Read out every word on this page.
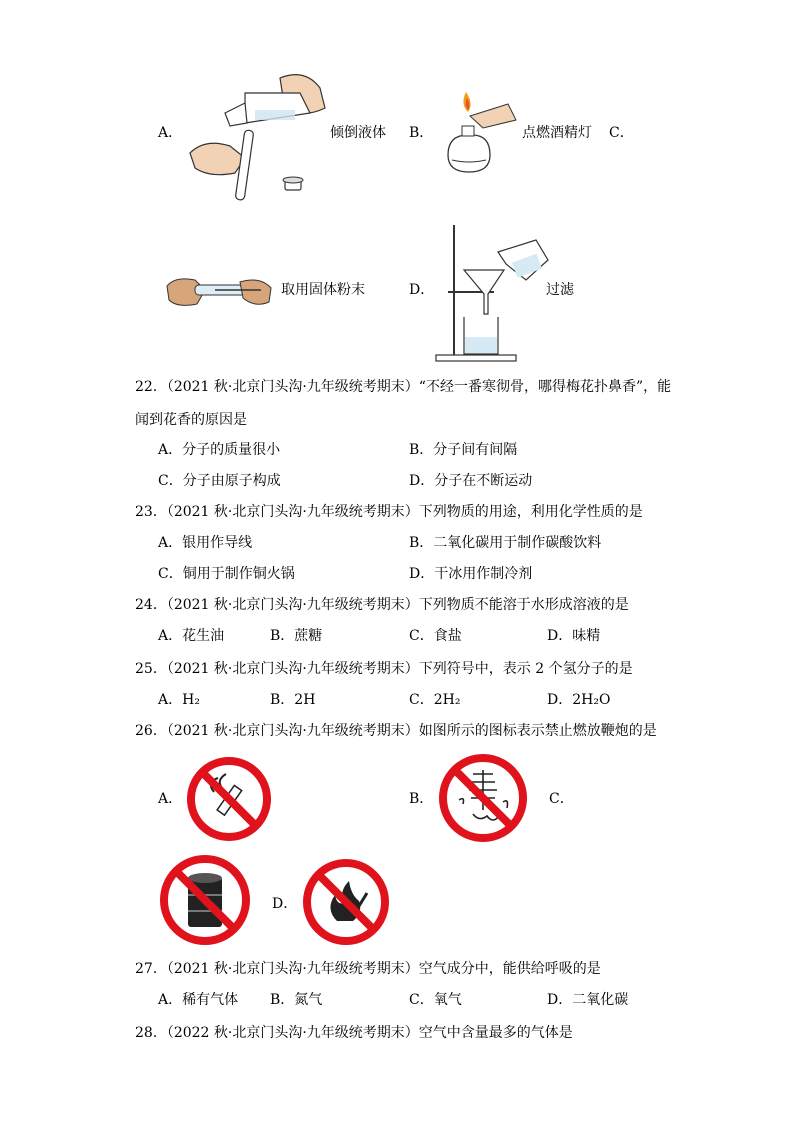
A．	倾倒液体 B．	点燃酒精灯 C．
取用固体粉末	D．	过滤
22．（2021 秋·北京门头沟·九年级统考期末）“不经一番寒彻骨，哪得梅花扑鼻香”，能
闻到花香的原因是
A．分子的质量很小	B．分子间有间隔
C．分子由原子构成	D．分子在不断运动
23．（2021 秋·北京门头沟·九年级统考期末）下列物质的用途，利用化学性质的是
A．银用作导线	B．二氧化碳用于制作碳酸饮料
C．铜用于制作铜火锅	D．干冰用作制冷剂
24．（2021 秋·北京门头沟·九年级统考期末）下列物质不能溶于水形成溶液的是
A．花生油	B．蔗糖	C．食盐	D．味精
25．（2021 秋·北京门头沟·九年级统考期末）下列符号中，表示 2 个氢分子的是
A．H₂	B．2H	C．2H₂	D．2H₂O
26．（2021 秋·北京门头沟·九年级统考期末）如图所示的图标表示禁止燃放鞭炮的是
A．	B．	C．
D．
27．（2021 秋·北京门头沟·九年级统考期末）空气成分中，能供给呼吸的是
A．稀有气体 B．氮气	C．氧气	D．二氧化碳
28．（2022 秋·北京门头沟·九年级统考期末）空气中含量最多的气体是
